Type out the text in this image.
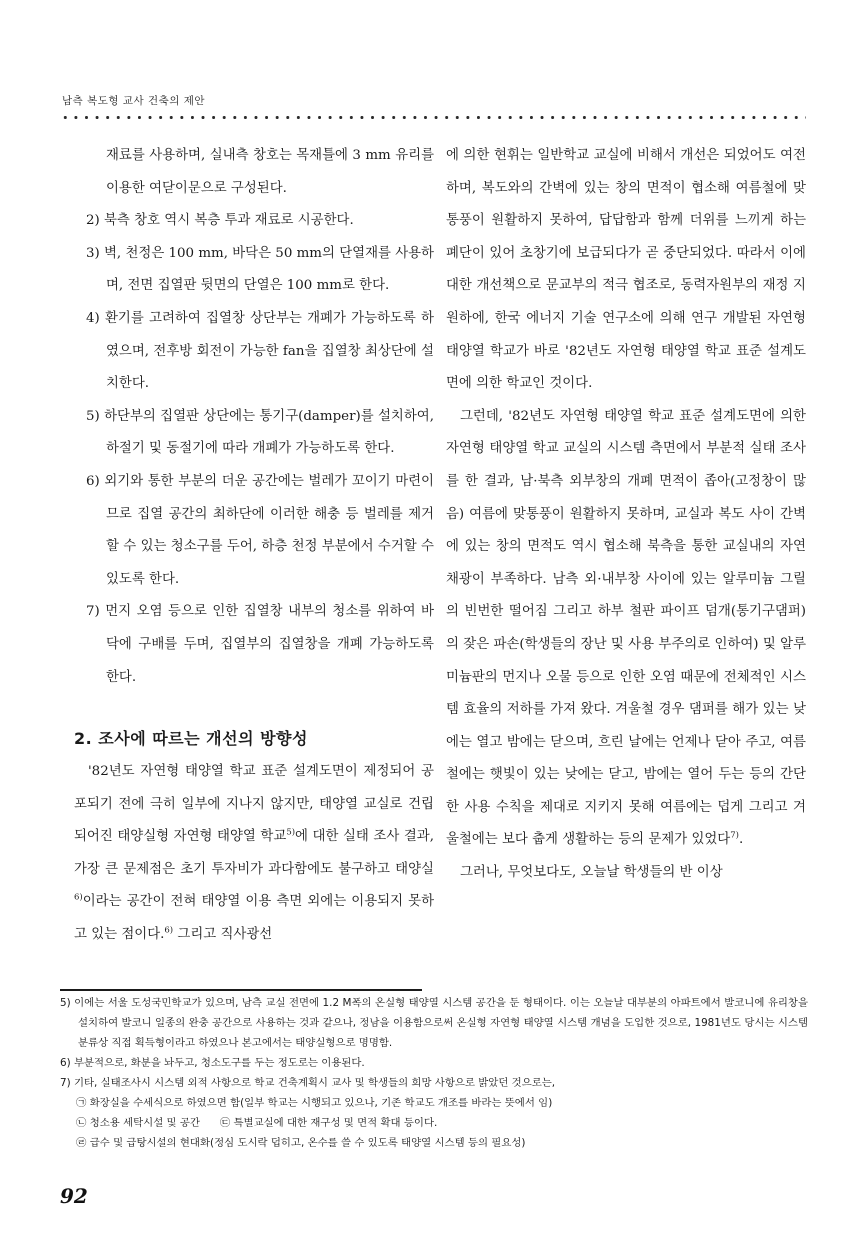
남측 복도형 교사 건축의 제안

재료를 사용하며, 실내측 창호는 목재틀에 3 mm 유리를 이용한 여닫이문으로 구성된다.

2) 북측 창호 역시 복층 투과 재료로 시공한다.

3) 벽, 천정은 100 mm, 바닥은 50 mm의 단열재를 사용하며, 전면 집열판 뒷면의 단열은 100 mm로 한다.

4) 환기를 고려하여 집열창 상단부는 개폐가 가능하도록 하였으며, 전후방 회전이 가능한 fan을 집열창 최상단에 설치한다.

5) 하단부의 집열판 상단에는 통기구(damper)를 설치하여, 하절기 및 동절기에 따라 개폐가 가능하도록 한다.

6) 외기와 통한 부분의 더운 공간에는 벌레가 꼬이기 마련이므로 집열 공간의 최하단에 이러한 해충 등 벌레를 제거할 수 있는 청소구를 두어, 하층 천정 부분에서 수거할 수 있도록 한다.

7) 먼지 오염 등으로 인한 집열창 내부의 청소를 위하여 바닥에 구배를 두며, 집열부의 집열창을 개폐 가능하도록 한다.

2. 조사에 따르는 개선의 방향성

'82년도 자연형 태양열 학교 표준 설계도면이 제정되어 공포되기 전에 극히 일부에 지나지 않지만, 태양열 교실로 건립되어진 태양실형 자연형 태양열 학교$^{5)}$에 대한 실태 조사 결과, 가장 큰 문제점은 초기 투자비가 과다함에도 불구하고 태양실$^{6)}$이라는 공간이 전혀 태양열 이용 측면 외에는 이용되지 못하고 있는 점이다.$^{6)}$ 그리고 직사광선

에 의한 현휘는 일반학교 교실에 비해서 개선은 되었어도 여전하며, 복도와의 간벽에 있는 창의 면적이 협소해 여름철에 맞통풍이 원활하지 못하여, 답답함과 함께 더위를 느끼게 하는 폐단이 있어 초창기에 보급되다가 곧 중단되었다. 따라서 이에 대한 개선책으로 문교부의 적극 협조로, 동력자원부의 재정 지원하에, 한국 에너지 기술 연구소에 의해 연구 개발된 자연형 태양열 학교가 바로 '82년도 자연형 태양열 학교 표준 설계도면에 의한 학교인 것이다.

그런데, '82년도 자연형 태양열 학교 표준 설계도면에 의한 자연형 태양열 학교 교실의 시스템 측면에서 부분적 실태 조사를 한 결과, 남·북측 외부창의 개폐 면적이 좁아(고정창이 많음) 여름에 맞통풍이 원활하지 못하며, 교실과 복도 사이 간벽에 있는 창의 면적도 역시 협소해 북측을 통한 교실내의 자연 채광이 부족하다. 남측 외·내부창 사이에 있는 알루미늄 그릴의 빈번한 떨어짐 그리고 하부 철판 파이프 덤개(통기구댐퍼)의 잦은 파손(학생들의 장난 및 사용 부주의로 인하여) 및 알루미늄판의 먼지나 오물 등으로 인한 오염 때문에 전체적인 시스템 효율의 저하를 가져 왔다. 겨울철 경우 댐퍼를 해가 있는 낮에는 열고 밤에는 닫으며, 흐린 날에는 언제나 닫아 주고, 여름철에는 햇빛이 있는 낮에는 닫고, 밤에는 열어 두는 등의 간단한 사용 수칙을 제대로 지키지 못해 여름에는 덥게 그리고 겨울철에는 보다 춥게 생활하는 등의 문제가 있었다$^{7)}$.

그러나, 무엇보다도, 오늘날 학생들의 반 이상

5) 이에는 서울 도성국민학교가 있으며, 남측 교실 전면에 1.2 M폭의 온실형 태양열 시스템 공간을 둔 형태이다. 이는 오늘날 대부분의 아파트에서 발코니에 유리창을 설치하여 발코니 일종의 완충 공간으로 사용하는 것과 같으나, 정남을 이용함으로써 온실형 자연형 태양열 시스템 개념을 도입한 것으로, 1981년도 당시는 시스템 분류상 직접 획득형이라고 하였으나 본고에서는 태양실형으로 명명함.

6) 부분적으로, 화분을 놔두고, 청소도구를 두는 정도로는 이용된다.

7) 기타, 실태조사시 시스템 외적 사항으로 학교 건축계획시 교사 및 학생들의 희망 사항으로 밝았던 것으로는,

㉠ 화장실을 수세식으로 하였으면 함(일부 학교는 시행되고 있으나, 기존 학교도 개조를 바라는 뜻에서 임)

㉡ 청소용 세탁시설 및 공간 ㉢ 특별교실에 대한 재구성 및 면적 확대 등이다.

㉣ 급수 및 급탕시설의 현대화(정심 도시락 덥히고, 온수를 쓸 수 있도록 태양열 시스템 등의 필요성)

92
